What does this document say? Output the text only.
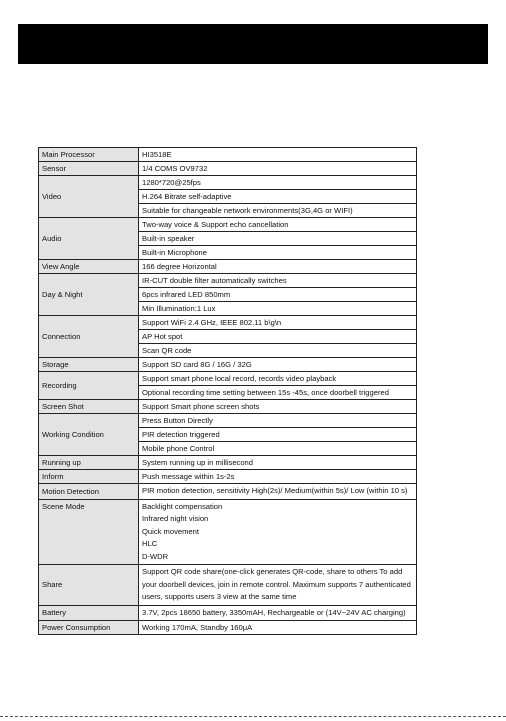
Main Processor	HI3518E

Sensor	1/4 COMS OV9732

Video	1280*720@25fps

	H.264 Bitrate self-adaptive

	Suitable for changeable network environments(3G,4G or WIFI)

Audio	Two-way voice & Support echo cancellation

	Built-in speaker

	Built-in Microphone

View Angle	166 degree Horizontal

Day & Night	IR-CUT double filter automatically switches

	6pcs infrared LED 850mm

	Min Illumination:1 Lux

Connection	Support WiFi 2.4 GHz, IEEE 802.11 b\g\n

	AP Hot spot

	Scan QR code

Storage	Support SD card 8G / 16G / 32G

Recording	Support smart phone local record, records video playback

	Optional recording time setting between 15s -45s, once doorbell triggered

Screen Shot	Support Smart phone screen shots

Working Condition	Press Button Directly

	PIR detection triggered

	Mobile phone Control

Running up	System running up in millisecond

Inform	Push message within 1s-2s

Motion Detection	PIR motion detection, sensitivity High(2s)/ Medium(within 5s)/ Low (within 10 s)

Scene Mode	Backlight compensation
Infrared night vision
Quick movement
HLC
D-WDR

Share	Support QR code share(one-click generates QR-code, share to others To add your doorbell devices, join in remote control. Maximum supports 7 authenticated users, supports users 3 view at the same time

Battery	3.7V, 2pcs 18650 battery, 3350mAH, Rechargeable or (14V~24V AC charging)

Power Consumption	Working 170mA, Standby 160μA
